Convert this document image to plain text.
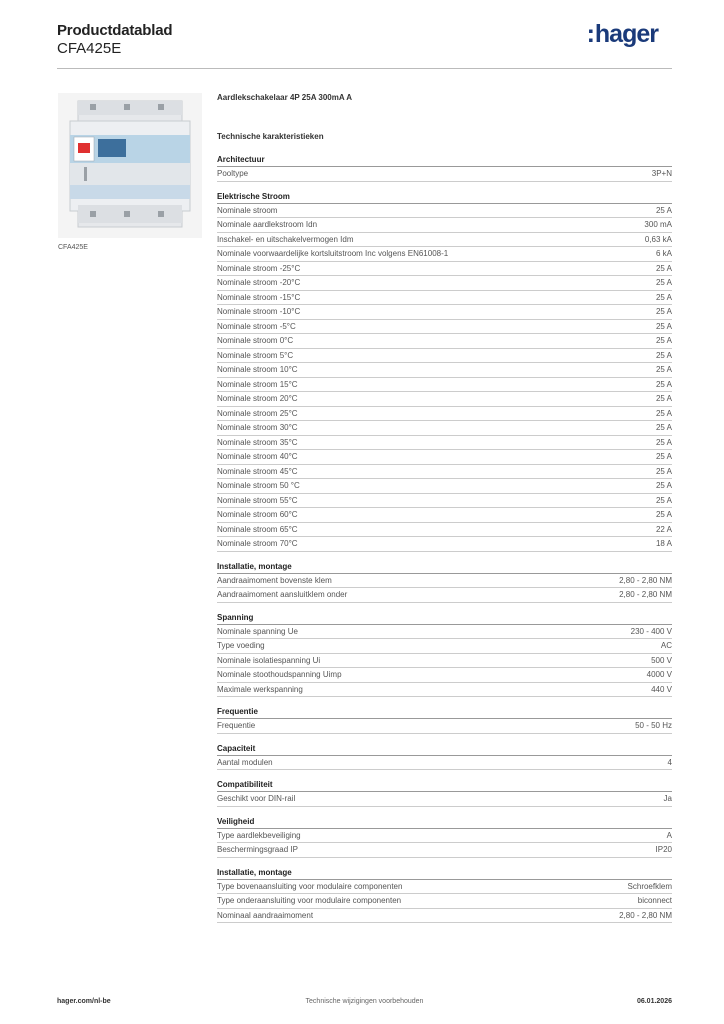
Productdatablad
CFA425E
:hager
CFA425E
Aardlekschakelaar 4P 25A 300mA A
Technische karakteristieken
Architectuur
Pooltype	3P+N
Elektrische Stroom
Nominale stroom	25 A
Nominale aardlekstroom Idn	300 mA
Inschakel- en uitschakelvermogen Idm	0,63 kA
Nominale voorwaardelijke kortsluitstroom Inc volgens EN61008-1	6 kA
Nominale stroom -25°C	25 A
Nominale stroom -20°C	25 A
Nominale stroom -15°C	25 A
Nominale stroom -10°C	25 A
Nominale stroom -5°C	25 A
Nominale stroom 0°C	25 A
Nominale stroom 5°C	25 A
Nominale stroom 10°C	25 A
Nominale stroom 15°C	25 A
Nominale stroom 20°C	25 A
Nominale stroom 25°C	25 A
Nominale stroom 30°C	25 A
Nominale stroom 35°C	25 A
Nominale stroom 40°C	25 A
Nominale stroom 45°C	25 A
Nominale stroom 50 °C	25 A
Nominale stroom 55°C	25 A
Nominale stroom 60°C	25 A
Nominale stroom 65°C	22 A
Nominale stroom 70°C	18 A
Installatie, montage
Aandraaimoment bovenste klem	2,80 - 2,80 NM
Aandraaimoment aansluitklem onder	2,80 - 2,80 NM
Spanning
Nominale spanning Ue	230 - 400 V
Type voeding	AC
Nominale isolatiespanning Ui	500 V
Nominale stoothoudspanning Uimp	4000 V
Maximale werkspanning	440 V
Frequentie
Frequentie	50 - 50 Hz
Capaciteit
Aantal modulen	4
Compatibiliteit
Geschikt voor DIN-rail	Ja
Veiligheid
Type aardlekbeveiliging	A
Beschermingsgraad IP	IP20
Installatie, montage
Type bovenaansluiting voor modulaire componenten	Schroefklem
Type onderaansluiting voor modulaire componenten	biconnect
Nominaal aandraaimoment	2,80 - 2,80 NM
Technische wijzigingen voorbehouden
hager.com/nl-be	06.01.2026
